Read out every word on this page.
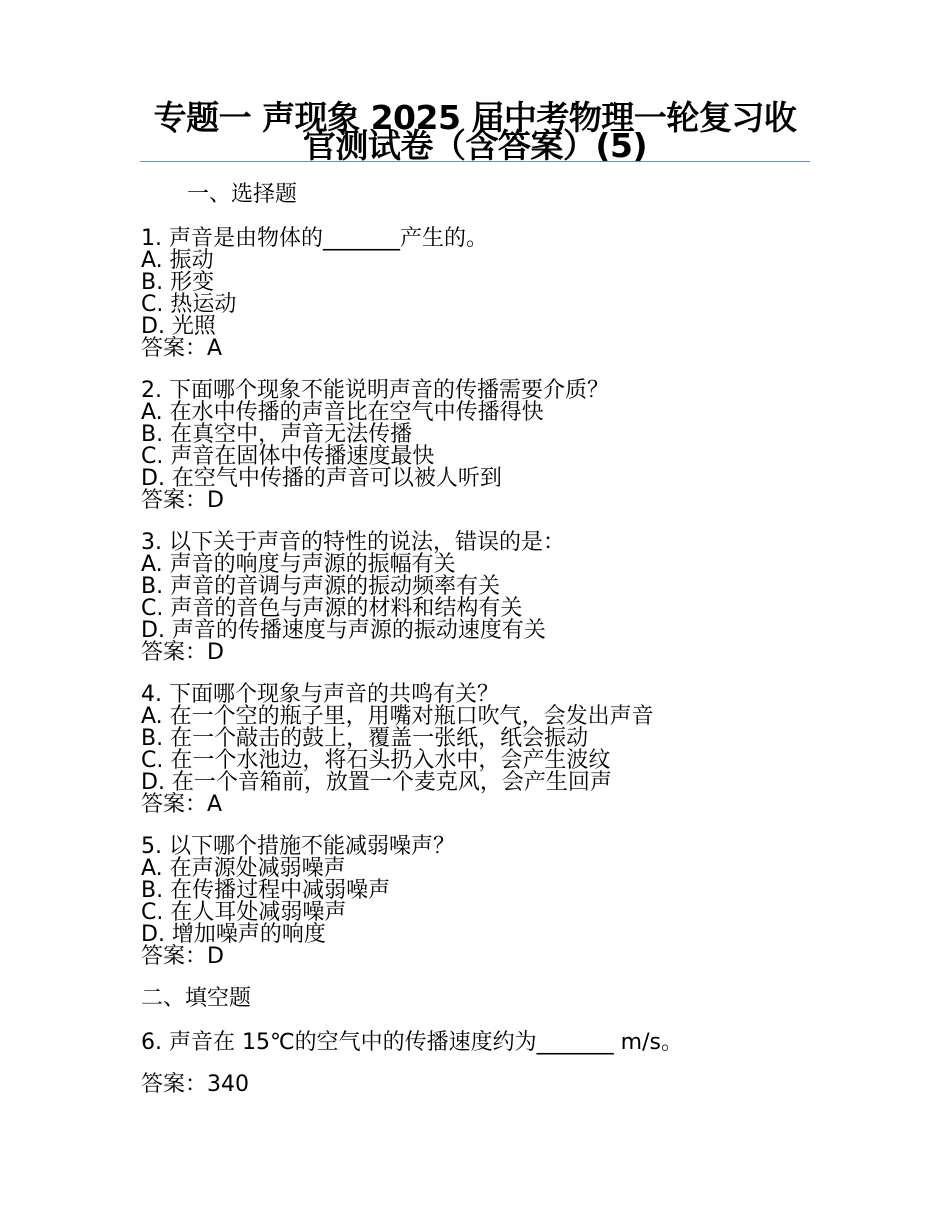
专题一 声现象 2025 届中考物理一轮复习收官测试卷（含答案）(5)
一、选择题
1. 声音是由物体的_______产生的。
A. 振动
B. 形变
C. 热运动
D. 光照
答案：A
2. 下面哪个现象不能说明声音的传播需要介质？
A. 在水中传播的声音比在空气中传播得快
B. 在真空中，声音无法传播
C. 声音在固体中传播速度最快
D. 在空气中传播的声音可以被人听到
答案：D
3. 以下关于声音的特性的说法，错误的是：
A. 声音的响度与声源的振幅有关
B. 声音的音调与声源的振动频率有关
C. 声音的音色与声源的材料和结构有关
D. 声音的传播速度与声源的振动速度有关
答案：D
4. 下面哪个现象与声音的共鸣有关？
A. 在一个空的瓶子里，用嘴对瓶口吹气，会发出声音
B. 在一个敲击的鼓上，覆盖一张纸，纸会振动
C. 在一个水池边，将石头扔入水中，会产生波纹
D. 在一个音箱前，放置一个麦克风，会产生回声
答案：A
5. 以下哪个措施不能减弱噪声？
A. 在声源处减弱噪声
B. 在传播过程中减弱噪声
C. 在人耳处减弱噪声
D. 增加噪声的响度
答案：D
二、填空题
6. 声音在 15℃的空气中的传播速度约为_______ m/s。
答案：340
